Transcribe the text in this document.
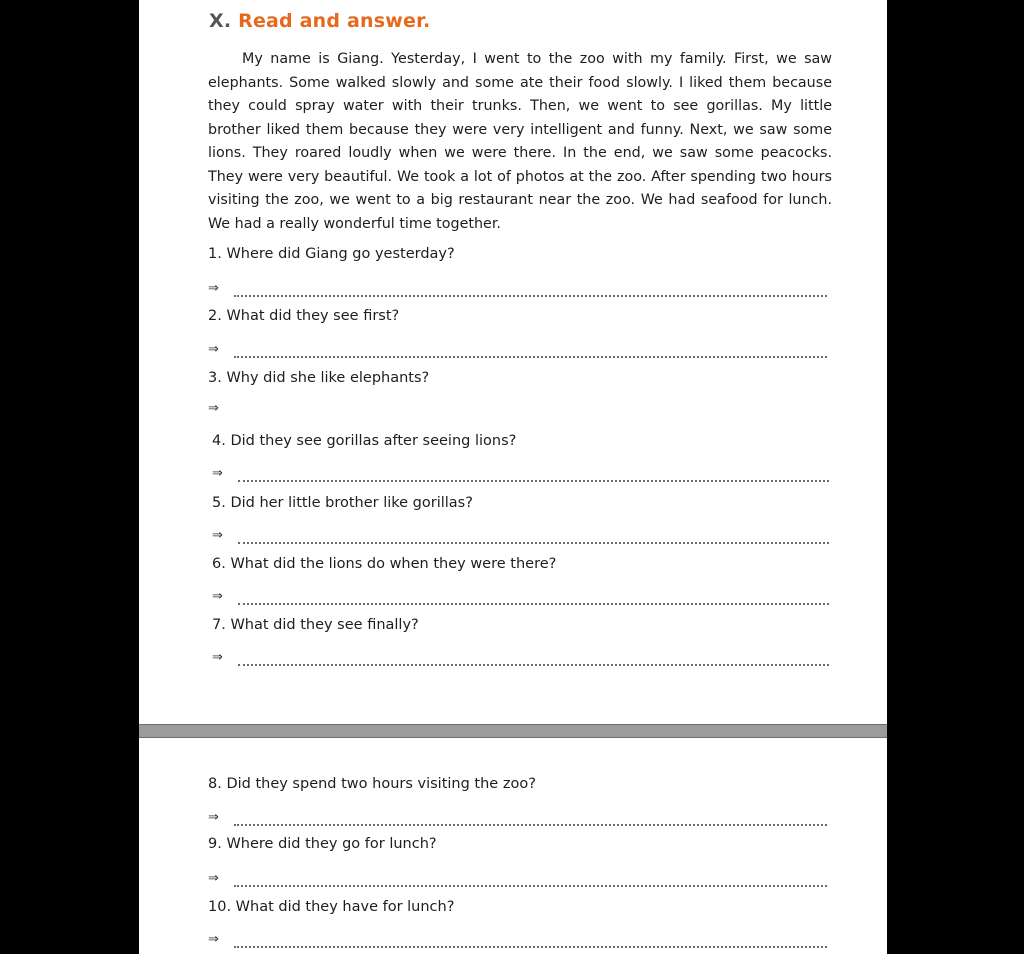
X. Read and answer.

My name is Giang. Yesterday, I went to the zoo with my family. First, we saw elephants. Some walked slowly and some ate their food slowly. I liked them because they could spray water with their trunks. Then, we went to see gorillas. My little brother liked them because they were very intelligent and funny. Next, we saw some lions. They roared loudly when we were there. In the end, we saw some peacocks. They were very beautiful. We took a lot of photos at the zoo. After spending two hours visiting the zoo, we went to a big restaurant near the zoo. We had seafood for lunch. We had a really wonderful time together.

1. Where did Giang go yesterday?
⇒
2. What did they see first?
⇒
3. Why did she like elephants?
⇒
4. Did they see gorillas after seeing lions?
⇒
5. Did her little brother like gorillas?
⇒
6. What did the lions do when they were there?
⇒
7. What did they see finally?
⇒
8. Did they spend two hours visiting the zoo?
⇒
9. Where did they go for lunch?
⇒
10. What did they have for lunch?
⇒
